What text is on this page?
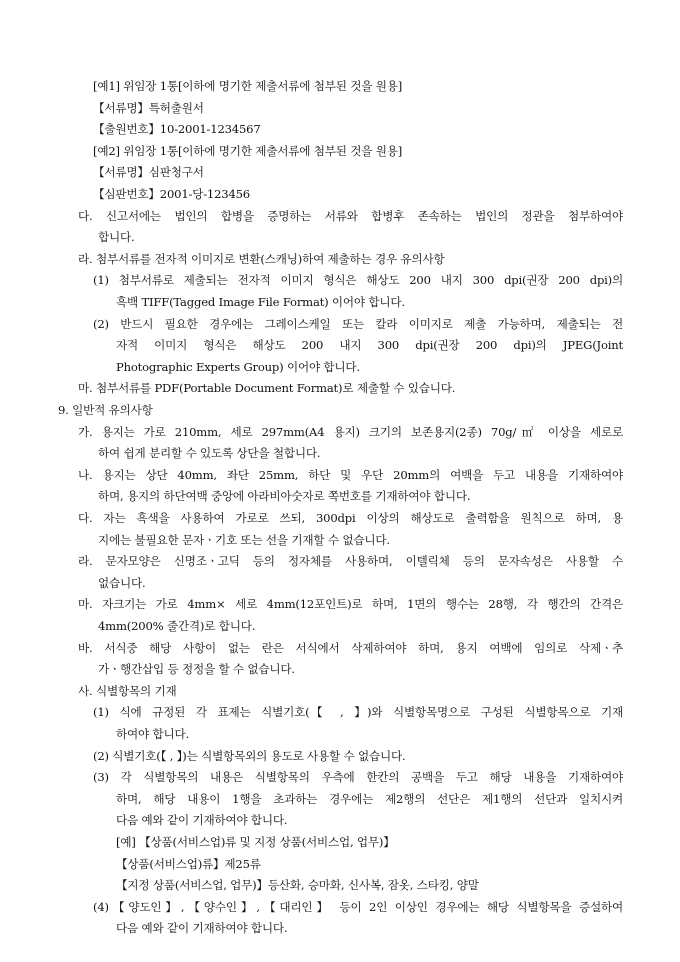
[예1] 위임장 1통[이하에 명기한 제출서류에 첨부된 것을 원용]
【서류명】특허출원서
【출원번호】10-2001-1234567
[예2] 위임장 1통[이하에 명기한 제출서류에 첨부된 것을 원용]
【서류명】심판청구서
【심판번호】2001-당-123456
다. 신고서에는 법인의 합병을 증명하는 서류와 합병후 존속하는 법인의 정관을 첨부하여야
합니다.
라. 첨부서류를 전자적 이미지로 변환(스캐닝)하여 제출하는 경우 유의사항
(1) 첨부서류로 제출되는 전자적 이미지 형식은 해상도 200 내지 300 dpi(권장 200 dpi)의
흑백 TIFF(Tagged Image File Format) 이어야 합니다.
(2) 반드시 필요한 경우에는 그레이스케일 또는 칼라 이미지로 제출 가능하며, 제출되는 전
자적 이미지 형식은 해상도 200 내지 300 dpi(권장 200 dpi)의 JPEG(Joint
Photographic Experts Group) 이어야 합니다.
마. 첨부서류를 PDF(Portable Document Format)로 제출할 수 있습니다.
9. 일반적 유의사항
가. 용지는 가로 210mm, 세로 297mm(A4 용지) 크기의 보존용지(2종) 70g/㎡ 이상을 세로로
하여 쉽게 분리할 수 있도록 상단을 철합니다.
나. 용지는 상단 40mm, 좌단 25mm, 하단 및 우단 20mm의 여백을 두고 내용을 기재하여야
하며, 용지의 하단여백 중앙에 아라비아숫자로 쪽번호를 기재하여야 합니다.
다. 자는 흑색을 사용하여 가로로 쓰되, 300dpi 이상의 해상도로 출력함을 원칙으로 하며, 용
지에는 불필요한 문자ㆍ기호 또는 선을 기재할 수 없습니다.
라. 문자모양은 신명조ㆍ고딕 등의 정자체를 사용하며, 이텔릭체 등의 문자속성은 사용할 수
없습니다.
마. 자크기는 가로 4mm× 세로 4mm(12포인트)로 하며, 1면의 행수는 28행, 각 행간의 간격은
4mm(200% 줄간격)로 합니다.
바. 서식중 해당 사항이 없는 란은 서식에서 삭제하여야 하며, 용지 여백에 임의로 삭제ㆍ추
가ㆍ행간삽입 등 정정을 할 수 없습니다.
사. 식별항목의 기재
(1) 식에 규정된 각 표제는 식별기호(【 , 】)와 식별항목명으로 구성된 식별항목으로 기재
하여야 합니다.
(2) 식별기호(【 , 】)는 식별항목외의 용도로 사용할 수 없습니다.
(3) 각 식별항목의 내용은 식별항목의 우측에 한칸의 공백을 두고 해당 내용을 기재하여야
하며, 해당 내용이 1행을 초과하는 경우에는 제2행의 선단은 제1행의 선단과 일치시켜
다음 예와 같이 기재하여야 합니다.
[예] 【상품(서비스업)류 및 지정 상품(서비스업, 업무)】
【상품(서비스업)류】제25류
【지정 상품(서비스업, 업무)】등산화, 승마화, 신사복, 잠옷, 스타킹, 양말
(4)【양도인】,【양수인】,【대리인】 등이 2인 이상인 경우에는 해당 식별항목을 증설하여
다음 예와 같이 기재하여야 합니다.
